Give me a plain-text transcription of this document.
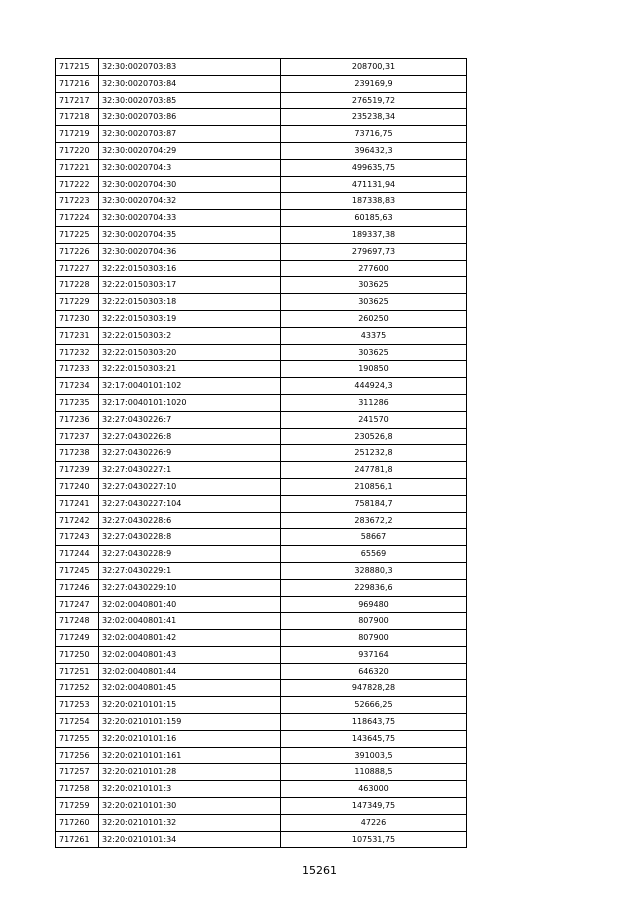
717215	32:30:0020703:83	208700,31
717216	32:30:0020703:84	239169,9
717217	32:30:0020703:85	276519,72
717218	32:30:0020703:86	235238,34
717219	32:30:0020703:87	73716,75
717220	32:30:0020704:29	396432,3
717221	32:30:0020704:3	499635,75
717222	32:30:0020704:30	471131,94
717223	32:30:0020704:32	187338,83
717224	32:30:0020704:33	60185,63
717225	32:30:0020704:35	189337,38
717226	32:30:0020704:36	279697,73
717227	32:22:0150303:16	277600
717228	32:22:0150303:17	303625
717229	32:22:0150303:18	303625
717230	32:22:0150303:19	260250
717231	32:22:0150303:2	43375
717232	32:22:0150303:20	303625
717233	32:22:0150303:21	190850
717234	32:17:0040101:102	444924,3
717235	32:17:0040101:1020	311286
717236	32:27:0430226:7	241570
717237	32:27:0430226:8	230526,8
717238	32:27:0430226:9	251232,8
717239	32:27:0430227:1	247781,8
717240	32:27:0430227:10	210856,1
717241	32:27:0430227:104	758184,7
717242	32:27:0430228:6	283672,2
717243	32:27:0430228:8	58667
717244	32:27:0430228:9	65569
717245	32:27:0430229:1	328880,3
717246	32:27:0430229:10	229836,6
717247	32:02:0040801:40	969480
717248	32:02:0040801:41	807900
717249	32:02:0040801:42	807900
717250	32:02:0040801:43	937164
717251	32:02:0040801:44	646320
717252	32:02:0040801:45	947828,28
717253	32:20:0210101:15	52666,25
717254	32:20:0210101:159	118643,75
717255	32:20:0210101:16	143645,75
717256	32:20:0210101:161	391003,5
717257	32:20:0210101:28	110888,5
717258	32:20:0210101:3	463000
717259	32:20:0210101:30	147349,75
717260	32:20:0210101:32	47226
717261	32:20:0210101:34	107531,75
15261
